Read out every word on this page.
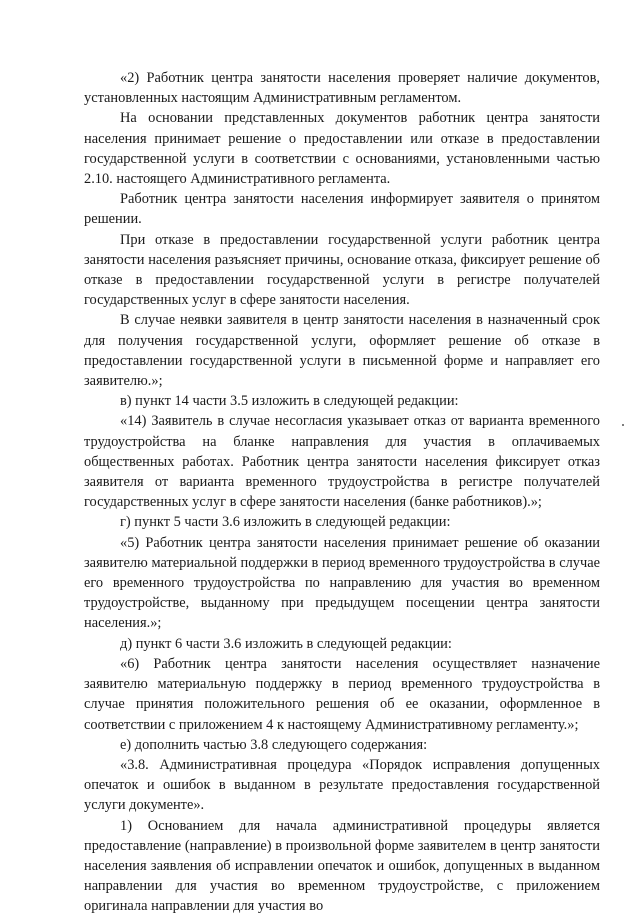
«2) Работник центра занятости населения проверяет наличие документов, установленных настоящим Административным регламентом.

На основании представленных документов работник центра занятости населения принимает решение о предоставлении или отказе в предоставлении государственной услуги в соответствии с основаниями, установленными частью 2.10. настоящего Административного регламента.

Работник центра занятости населения информирует заявителя о принятом решении.

При отказе в предоставлении государственной услуги работник центра занятости населения разъясняет причины, основание отказа, фиксирует решение об отказе в предоставлении государственной услуги в регистре получателей государственных услуг в сфере занятости населения.

В случае неявки заявителя в центр занятости населения в назначенный срок для получения государственной услуги, оформляет решение об отказе в предоставлении государственной услуги в письменной форме и направляет его заявителю.»;

в) пункт 14 части 3.5 изложить в следующей редакции:

«14) Заявитель в случае несогласия указывает отказ от варианта временного трудоустройства на бланке направления для участия в оплачиваемых общественных работах. Работник центра занятости населения фиксирует отказ заявителя от варианта временного трудоустройства в регистре получателей государственных услуг в сфере занятости населения (банке работников).»;

г) пункт 5 части 3.6 изложить в следующей редакции:

«5) Работник центра занятости населения принимает решение об оказании заявителю материальной поддержки в период временного трудоустройства в случае его временного трудоустройства по направлению для участия во временном трудоустройстве, выданному при предыдущем посещении центра занятости населения.»;

д) пункт 6 части 3.6 изложить в следующей редакции:

«6) Работник центра занятости населения осуществляет назначение заявителю материальную поддержку в период временного трудоустройства в случае принятия положительного решения об ее оказании, оформленное в соответствии с приложением 4 к настоящему Административному регламенту.»;

е) дополнить частью 3.8 следующего содержания:

«3.8. Административная процедура «Порядок исправления допущенных опечаток и ошибок в выданном в результате предоставления государственной услуги документе».

1) Основанием для начала административной процедуры является предоставление (направление) в произвольной форме заявителем в центр занятости населения заявления об исправлении опечаток и ошибок, допущенных в выданном направлении для участия во временном трудоустройстве, с приложением оригинала направлении для участия во
